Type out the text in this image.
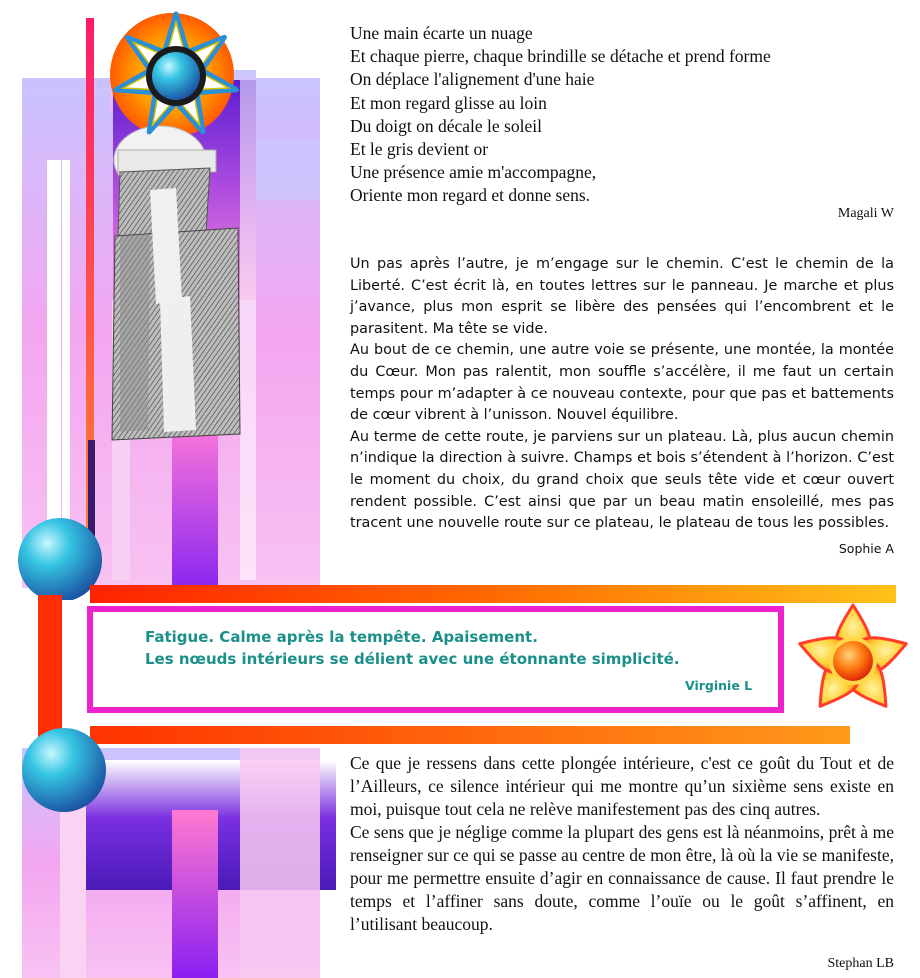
Une main écarte un nuage
Et chaque pierre, chaque brindille se détache et prend forme
On déplace l'alignement d'une haie
Et mon regard glisse au loin
Du doigt on décale le soleil
Et le gris devient or
Une présence amie m'accompagne,
Oriente mon regard et donne sens.
Magali W

Un pas après l’autre, je m’engage sur le chemin. C’est le chemin de la Liberté. C’est écrit là, en toutes lettres sur le panneau. Je marche et plus j’avance, plus mon esprit se libère des pensées qui l’encombrent et le parasitent. Ma tête se vide.

Au bout de ce chemin, une autre voie se présente, une montée, la montée du Cœur. Mon pas ralentit, mon souffle s’accélère, il me faut un certain temps pour m’adapter à ce nouveau contexte, pour que pas et battements de cœur vibrent à l’unisson. Nouvel équilibre.

Au terme de cette route, je parviens sur un plateau. Là, plus aucun chemin n’indique la direction à suivre. Champs et bois s’étendent à l’horizon. C’est le moment du choix, du grand choix que seuls tête vide et cœur ouvert rendent possible. C’est ainsi que par un beau matin ensoleillé, mes pas tracent une nouvelle route sur ce plateau, le plateau de tous les possibles.

Sophie A
Fatigue. Calme après la tempête. Apaisement.
Les nœuds intérieurs se délient avec une étonnante simplicité.
Virginie L

Ce que je ressens dans cette plongée intérieure, c'est ce goût du Tout et de l’Ailleurs, ce silence intérieur qui me montre qu’un sixième sens existe en moi, puisque tout cela ne relève manifestement pas des cinq autres.

Ce sens que je néglige comme la plupart des gens est là néanmoins, prêt à me renseigner sur ce qui se passe au centre de mon être, là où la vie se manifeste, pour me permettre ensuite d’agir en connaissance de cause. Il faut prendre le temps et l’affiner sans doute, comme l’ouïe ou le goût s’affinent, en l’utilisant beaucoup.

Stephan LB
